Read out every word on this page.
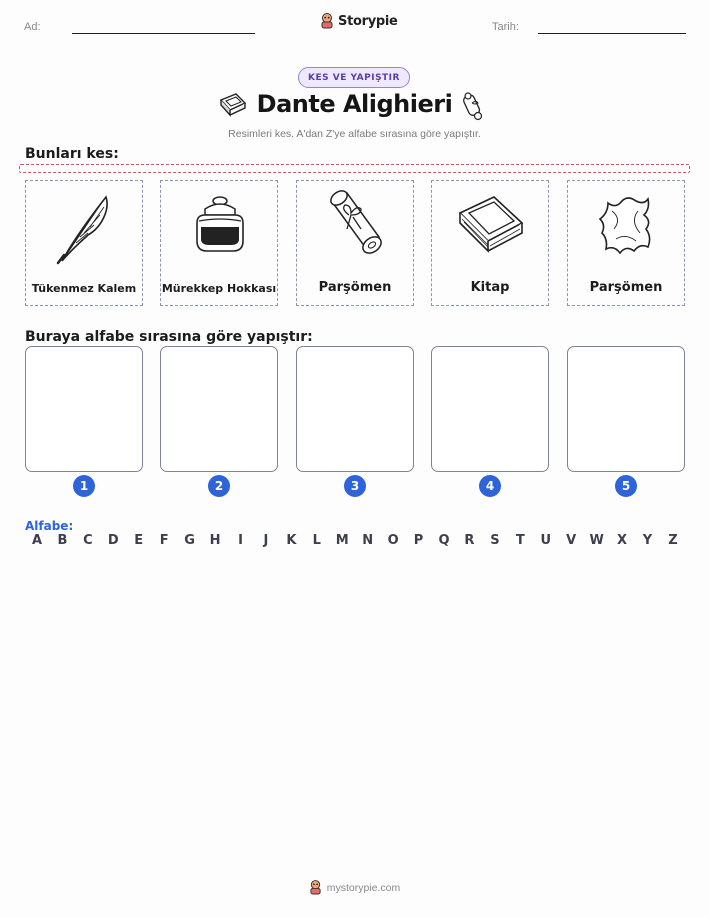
Ad:	Storypie	Tarih:
KES VE YAPIŞTIR
Dante Alighieri
Resimleri kes. A'dan Z'ye alfabe sırasına göre yapıştır.
Bunları kes:
Tükenmez Kalem	Mürekkep Hokkası	Parşömen	Kitap	Parşömen
Buraya alfabe sırasına göre yapıştır:
1	2	3	4	5
Alfabe:
A B C D E F G H	I	J	K L M N O P Q R S T U V W X Y Z
mystorypie.com
